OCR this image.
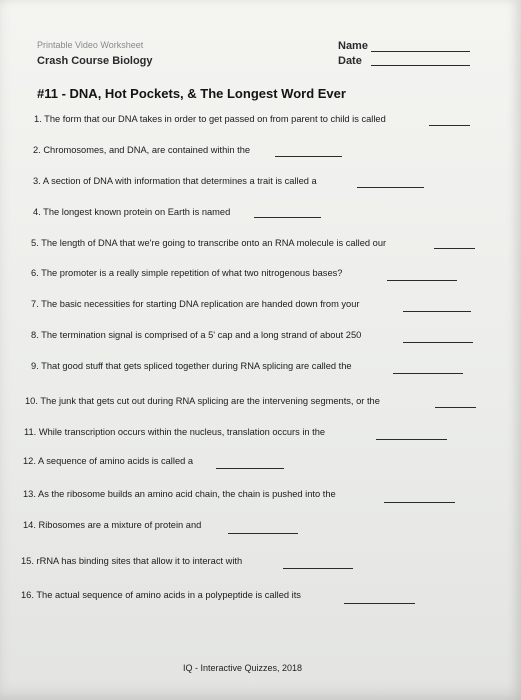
Printable Video Worksheet
Crash Course Biology
Name
Date
#11 - DNA, Hot Pockets, & The Longest Word Ever
1. The form that our DNA takes in order to get passed on from parent to child is called
2. Chromosomes, and DNA, are contained within the
3. A section of DNA with information that determines a trait is called a
4. The longest known protein on Earth is named
5. The length of DNA that we're going to transcribe onto an RNA molecule is called our
6. The promoter is a really simple repetition of what two nitrogenous bases?
7. The basic necessities for starting DNA replication are handed down from your
8. The termination signal is comprised of a 5' cap and a long strand of about 250
9. That good stuff that gets spliced together during RNA splicing are called the
10. The junk that gets cut out during RNA splicing are the intervening segments, or the
11. While transcription occurs within the nucleus, translation occurs in the
12. A sequence of amino acids is called a
13. As the ribosome builds an amino acid chain, the chain is pushed into the
14. Ribosomes are a mixture of protein and
15. rRNA has binding sites that allow it to interact with
16. The actual sequence of amino acids in a polypeptide is called its
IQ - Interactive Quizzes, 2018
